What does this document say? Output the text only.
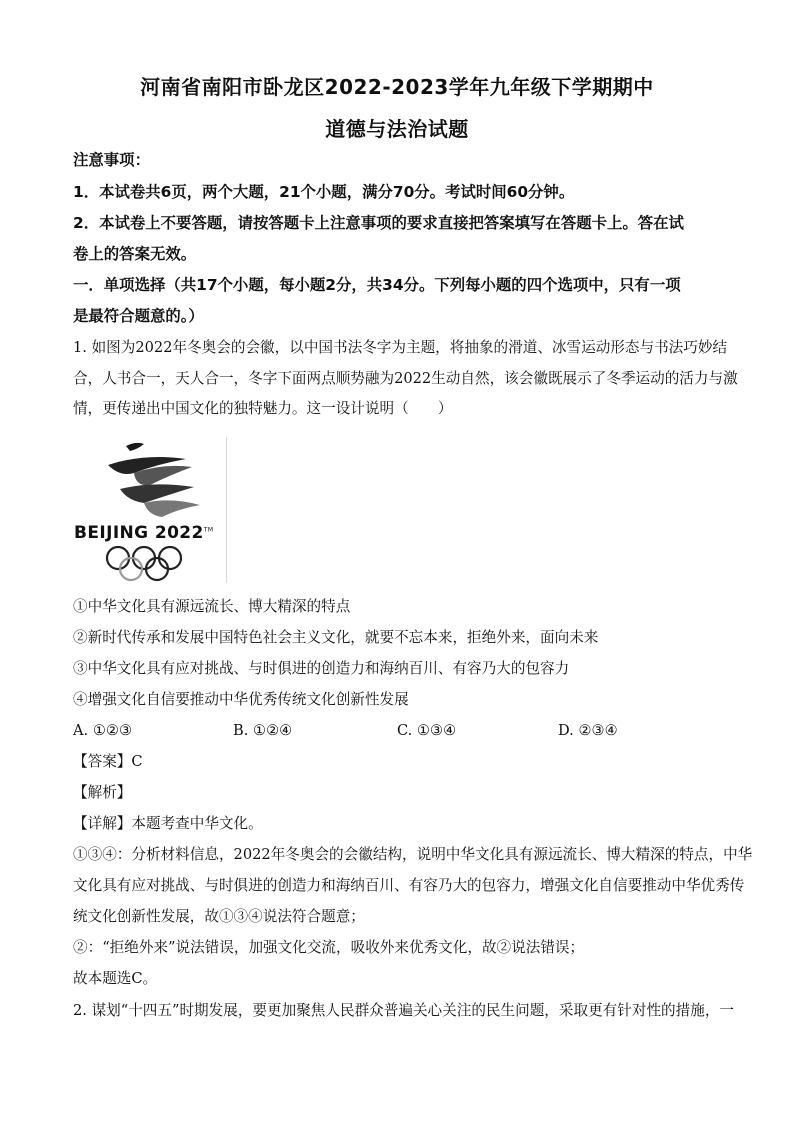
河南省南阳市卧龙区2022-2023学年九年级下学期期中
道德与法治试题
注意事项：
1．本试卷共6页，两个大题，21个小题，满分70分。考试时间60分钟。
2．本试卷上不要答题，请按答题卡上注意事项的要求直接把答案填写在答题卡上。答在试
卷上的答案无效。
一．单项选择（共17个小题，每小题2分，共34分。下列每小题的四个选项中，只有一项
是最符合题意的。）
1. 如图为2022年冬奥会的会徽，以中国书法冬字为主题，将抽象的滑道、冰雪运动形态与书法巧妙结
合，人书合一，天人合一，冬字下面两点顺势融为2022生动自然，该会徽既展示了冬季运动的活力与激
情，更传递出中国文化的独特魅力。这一设计说明（　　）
BEIJING 2022™
①中华文化具有源远流长、博大精深的特点
②新时代传承和发展中国特色社会主义文化，就要不忘本来，拒绝外来，面向未来
③中华文化具有应对挑战、与时俱进的创造力和海纳百川、有容乃大的包容力
④增强文化自信要推动中华优秀传统文化创新性发展
A. ①②③	B. ①②④	C. ①③④	D. ②③④
【答案】C
【解析】
【详解】本题考查中华文化。
①③④：分析材料信息，2022年冬奥会的会徽结构，说明中华文化具有源远流长、博大精深的特点，中华
文化具有应对挑战、与时俱进的创造力和海纳百川、有容乃大的包容力，增强文化自信要推动中华优秀传
统文化创新性发展，故①③④说法符合题意；
②：“拒绝外来”说法错误，加强文化交流，吸收外来优秀文化，故②说法错误；
故本题选C。
2. 谋划“十四五”时期发展，要更加聚焦人民群众普遍关心关注的民生问题，采取更有针对性的措施，一
